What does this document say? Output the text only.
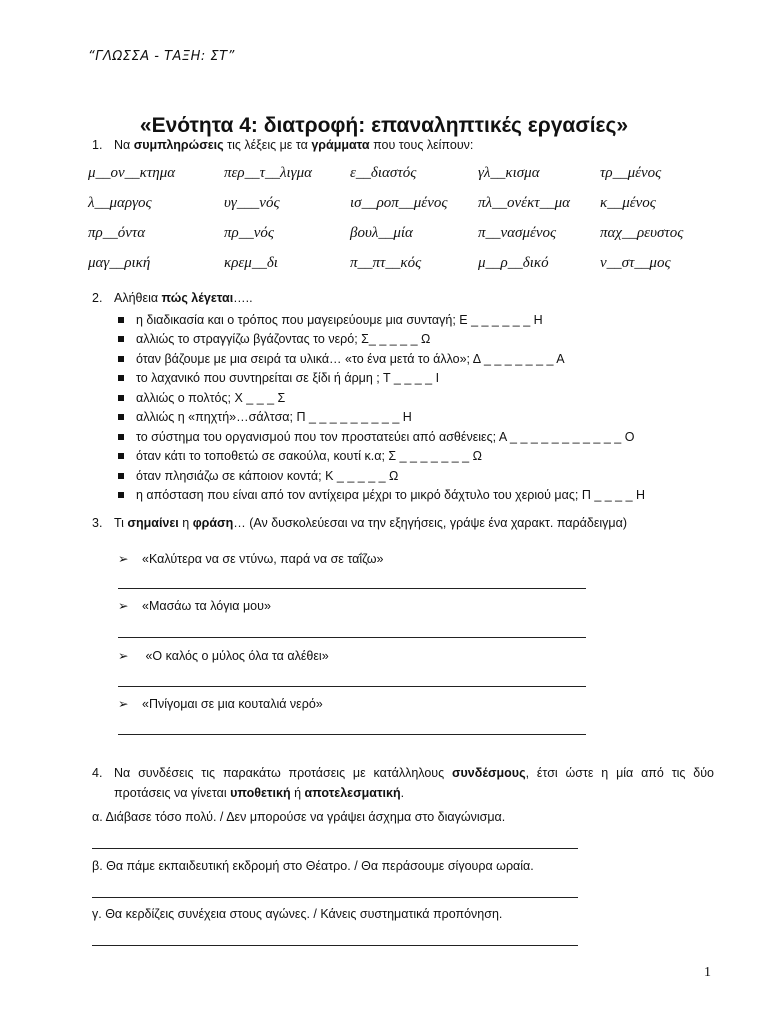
“ΓΛΩΣΣΑ - ΤΑΞΗ: ΣΤ”
«Ενότητα 4: διατροφή: επαναληπτικές εργασίες»
1. Να συμπληρώσεις τις λέξεις με τα γράμματα που τους λείπουν:
μ__ον__κτημα	περ__τ__λιγμα	ε__διαστός	γλ__κισμα	τρ__μένος
λ__μαργος	υγ___νός	ισ__ροπ__μένος	πλ__ονέκτ__μα	κ__μένος
πρ__όντα	πρ__νός	βουλ__μία	π__νασμένος	παχ__ρευστος
μαγ__ρική	κρεμ__δι	π__πτ__κός	μ__ρ__δικό	ν__στ__μος
2. Αλήθεια πώς λέγεται…..
η διαδικασία και ο τρόπος που μαγειρεύουμε μια συνταγή; Ε _ _ _ _ _ _ Η
αλλιώς το στραγγίζω βγάζοντας το νερό; Σ_ _ _ _ _ Ω
όταν βάζουμε με μια σειρά τα υλικά… «το ένα μετά το άλλο»; Δ _ _ _ _ _ _ _ Α
το λαχανικό που συντηρείται σε ξίδι ή άρμη ; Τ _ _ _ _ Ι
αλλιώς ο πολτός; Χ _ _ _ Σ
αλλιώς η «πηχτή»…σάλτσα; Π _ _ _ _ _ _ _ _ _ Η
το σύστημα του οργανισμού που τον προστατεύει από ασθένειες; Α _ _ _ _ _ _ _ _ _ _ _ Ο
όταν κάτι το τοποθετώ σε σακούλα, κουτί κ.α; Σ _ _ _ _ _ _ _ Ω
όταν πλησιάζω σε κάποιον κοντά; Κ _ _ _ _ _ Ω
η απόσταση που είναι από τον αντίχειρα μέχρι το μικρό δάχτυλο του χεριού μας; Π _ _ _ _ Η
3. Τι σημαίνει η φράση… (Αν δυσκολεύεσαι να την εξηγήσεις, γράψε ένα χαρακτ. παράδειγμα)
➢ «Καλύτερα να σε ντύνω, παρά να σε ταΐζω»
➢ «Μασάω τα λόγια μου»
➢ «Ο καλός ο μύλος όλα τα αλέθει»
➢ «Πνίγομαι σε μια κουταλιά νερό»
4. Να συνδέσεις τις παρακάτω προτάσεις με κατάλληλους συνδέσμους, έτσι ώστε η μία από τις δύο
προτάσεις να γίνεται υποθετική ή αποτελεσματική.
α. Διάβασε τόσο πολύ. / Δεν μπορούσε να γράψει άσχημα στο διαγώνισμα.
β. Θα πάμε εκπαιδευτική εκδρομή στο Θέατρο. / Θα περάσουμε σίγουρα ωραία.
γ. Θα κερδίζεις συνέχεια στους αγώνες. / Κάνεις συστηματικά προπόνηση.
1
